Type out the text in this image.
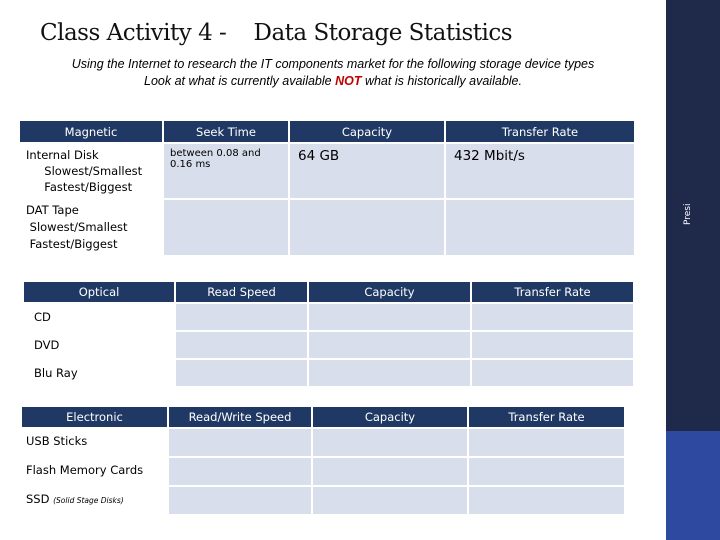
Class Activity 4 -    Data Storage Statistics
Using the Internet to research the IT components market for the following storage device types
Look at what is currently available NOT what is historically available.
Presi
Magnetic	Seek Time	Capacity	Transfer Rate

Internal Disk
Slowest/Smallest
Fastest/Biggest	between 0.08 and 0.16 ms	64 GB	432 Mbit/s

DAT Tape
Slowest/Smallest
Fastest/Biggest			

Optical	Read Speed	Capacity	Transfer Rate

CD			

DVD			

Blu Ray			

Electronic	Read/Write Speed	Capacity	Transfer Rate

USB Sticks			

Flash Memory Cards			

SSD (Solid Stage Disks)			
